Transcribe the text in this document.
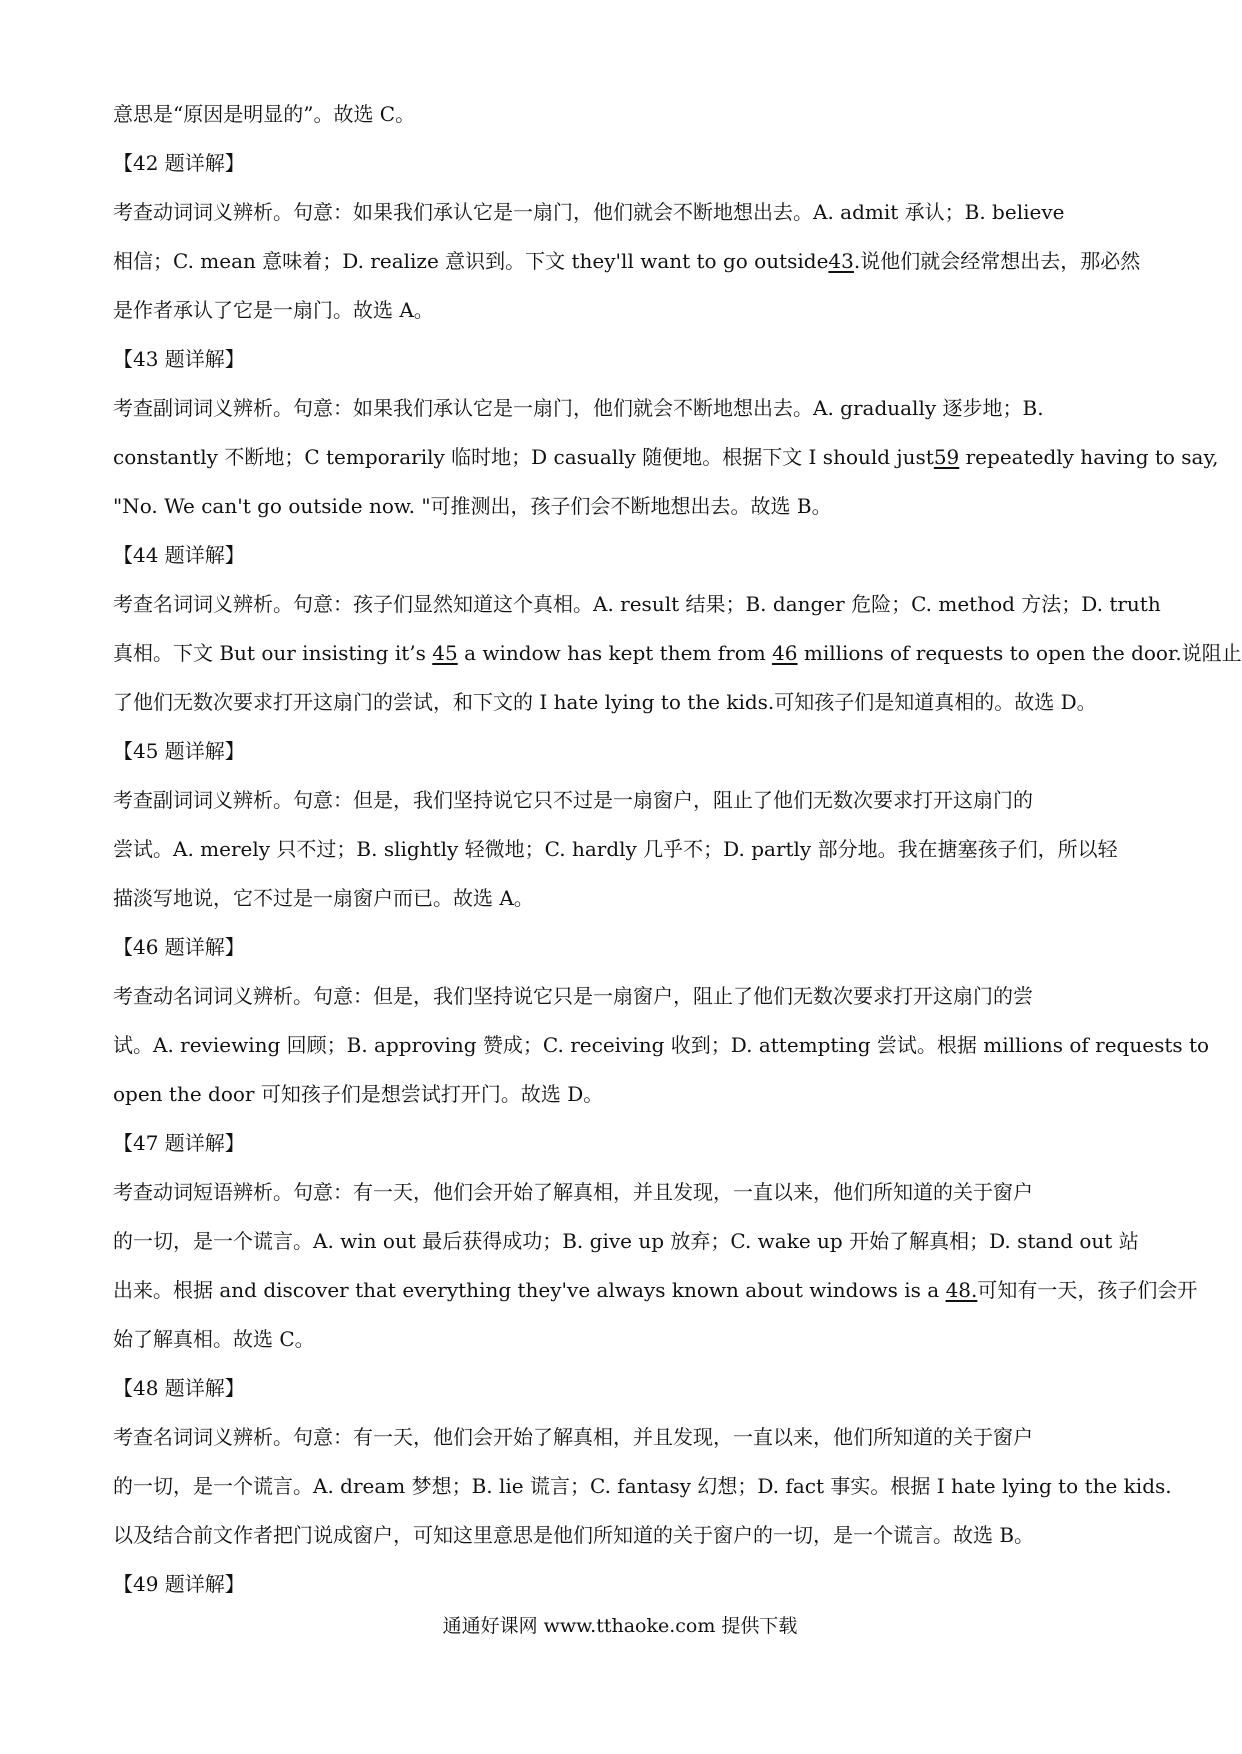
意思是“原因是明显的”。故选 C。
【42 题详解】
考查动词词义辨析。句意：如果我们承认它是一扇门，他们就会不断地想出去。A. admit 承认；B. believe
相信；C. mean 意味着；D. realize 意识到。下文 they'll want to go outside43.说他们就会经常想出去，那必然
是作者承认了它是一扇门。故选 A。
【43 题详解】
考查副词词义辨析。句意：如果我们承认它是一扇门，他们就会不断地想出去。A. gradually 逐步地；B.
constantly 不断地；C temporarily 临时地；D casually 随便地。根据下文 I should just59 repeatedly having to say,
"No. We can't go outside now. "可推测出，孩子们会不断地想出去。故选 B。
【44 题详解】
考查名词词义辨析。句意：孩子们显然知道这个真相。A. result 结果；B. danger 危险；C. method 方法；D. truth
真相。下文 But our insisting it’s 45 a window has kept them from 46 millions of requests to open the door.说阻止
了他们无数次要求打开这扇门的尝试，和下文的 I hate lying to the kids.可知孩子们是知道真相的。故选 D。
【45 题详解】
考查副词词义辨析。句意：但是，我们坚持说它只不过是一扇窗户，阻止了他们无数次要求打开这扇门的
尝试。A. merely 只不过；B. slightly 轻微地；C. hardly 几乎不；D. partly 部分地。我在搪塞孩子们，所以轻
描淡写地说，它不过是一扇窗户而已。故选 A。
【46 题详解】
考查动名词词义辨析。句意：但是，我们坚持说它只是一扇窗户，阻止了他们无数次要求打开这扇门的尝
试。A. reviewing 回顾；B. approving 赞成；C. receiving 收到；D. attempting 尝试。根据 millions of requests to
open the door 可知孩子们是想尝试打开门。故选 D。
【47 题详解】
考查动词短语辨析。句意：有一天，他们会开始了解真相，并且发现，一直以来，他们所知道的关于窗户
的一切，是一个谎言。A. win out 最后获得成功；B. give up 放弃；C. wake up 开始了解真相；D. stand out 站
出来。根据 and discover that everything they've always known about windows is a 48.可知有一天，孩子们会开
始了解真相。故选 C。
【48 题详解】
考查名词词义辨析。句意：有一天，他们会开始了解真相，并且发现，一直以来，他们所知道的关于窗户
的一切，是一个谎言。A. dream 梦想；B. lie 谎言；C. fantasy 幻想；D. fact 事实。根据 I hate lying to the kids.
以及结合前文作者把门说成窗户，可知这里意思是他们所知道的关于窗户的一切，是一个谎言。故选 B。
【49 题详解】
通通好课网 www.tthaoke.com 提供下载
